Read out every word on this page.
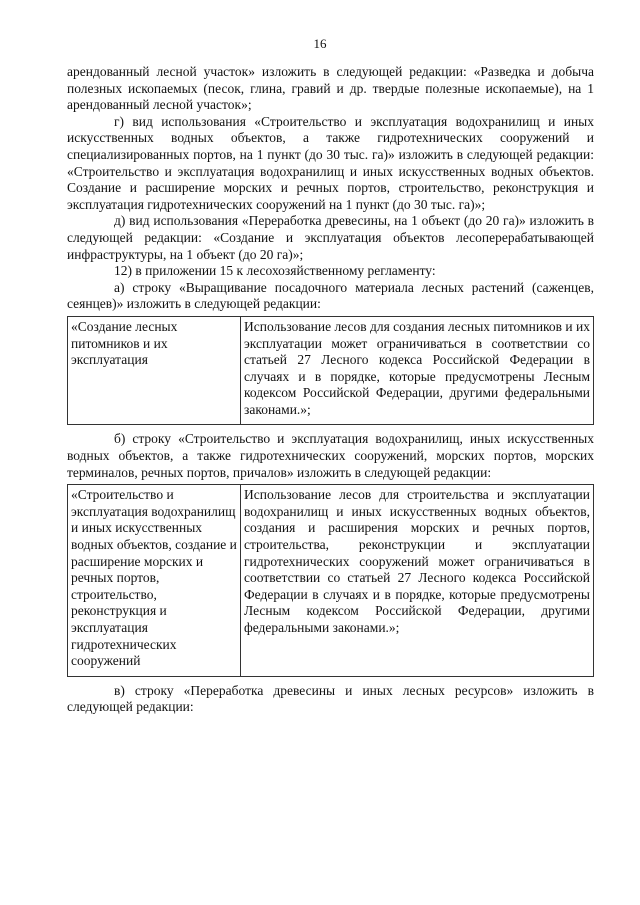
16

арендованный лесной участок» изложить в следующей редакции: «Разведка и добыча полезных ископаемых (песок, глина, гравий и др. твердые полезные ископаемые), на 1 арендованный лесной участок»;

г) вид использования «Строительство и эксплуатация водохранилищ и иных искусственных водных объектов, а также гидротехнических сооружений и специализированных портов, на 1 пункт (до 30 тыс. га)» изложить в следующей редакции: «Строительство и эксплуатация водохранилищ и иных искусственных водных объектов. Создание и расширение морских и речных портов, строительство, реконструкция и эксплуатация гидротехнических сооружений на 1 пункт (до 30 тыс. га)»;

д) вид использования «Переработка древесины, на 1 объект (до 20 га)» изложить в следующей редакции: «Создание и эксплуатация объектов лесоперерабатывающей инфраструктуры, на 1 объект (до 20 га)»;

12) в приложении 15 к лесохозяйственному регламенту:

а) строку «Выращивание посадочного материала лесных растений (саженцев, сеянцев)» изложить в следующей редакции:

«Создание лесных питомников и их эксплуатация	Использование лесов для создания лесных питомников и их эксплуатации может ограничиваться в соответствии со статьей 27 Лесного кодекса Российской Федерации в случаях и в порядке, которые предусмотрены Лесным кодексом Российской Федерации, другими федеральными законами.»;

б) строку «Строительство и эксплуатация водохранилищ, иных искусственных водных объектов, а также гидротехнических сооружений, морских портов, морских терминалов, речных портов, причалов» изложить в следующей редакции:

«Строительство и эксплуатация водохранилищ и иных искусственных водных объектов, создание и расширение морских и речных портов, строительство, реконструкция и эксплуатация гидротехнических сооружений	Использование лесов для строительства и эксплуатации водохранилищ и иных искусственных водных объектов, создания и расширения морских и речных портов, строительства, реконструкции и эксплуатации гидротехнических сооружений может ограничиваться в соответствии со статьей 27 Лесного кодекса Российской Федерации в случаях и в порядке, которые предусмотрены Лесным кодексом Российской Федерации, другими федеральными законами.»;

в) строку «Переработка древесины и иных лесных ресурсов» изложить в следующей редакции:
